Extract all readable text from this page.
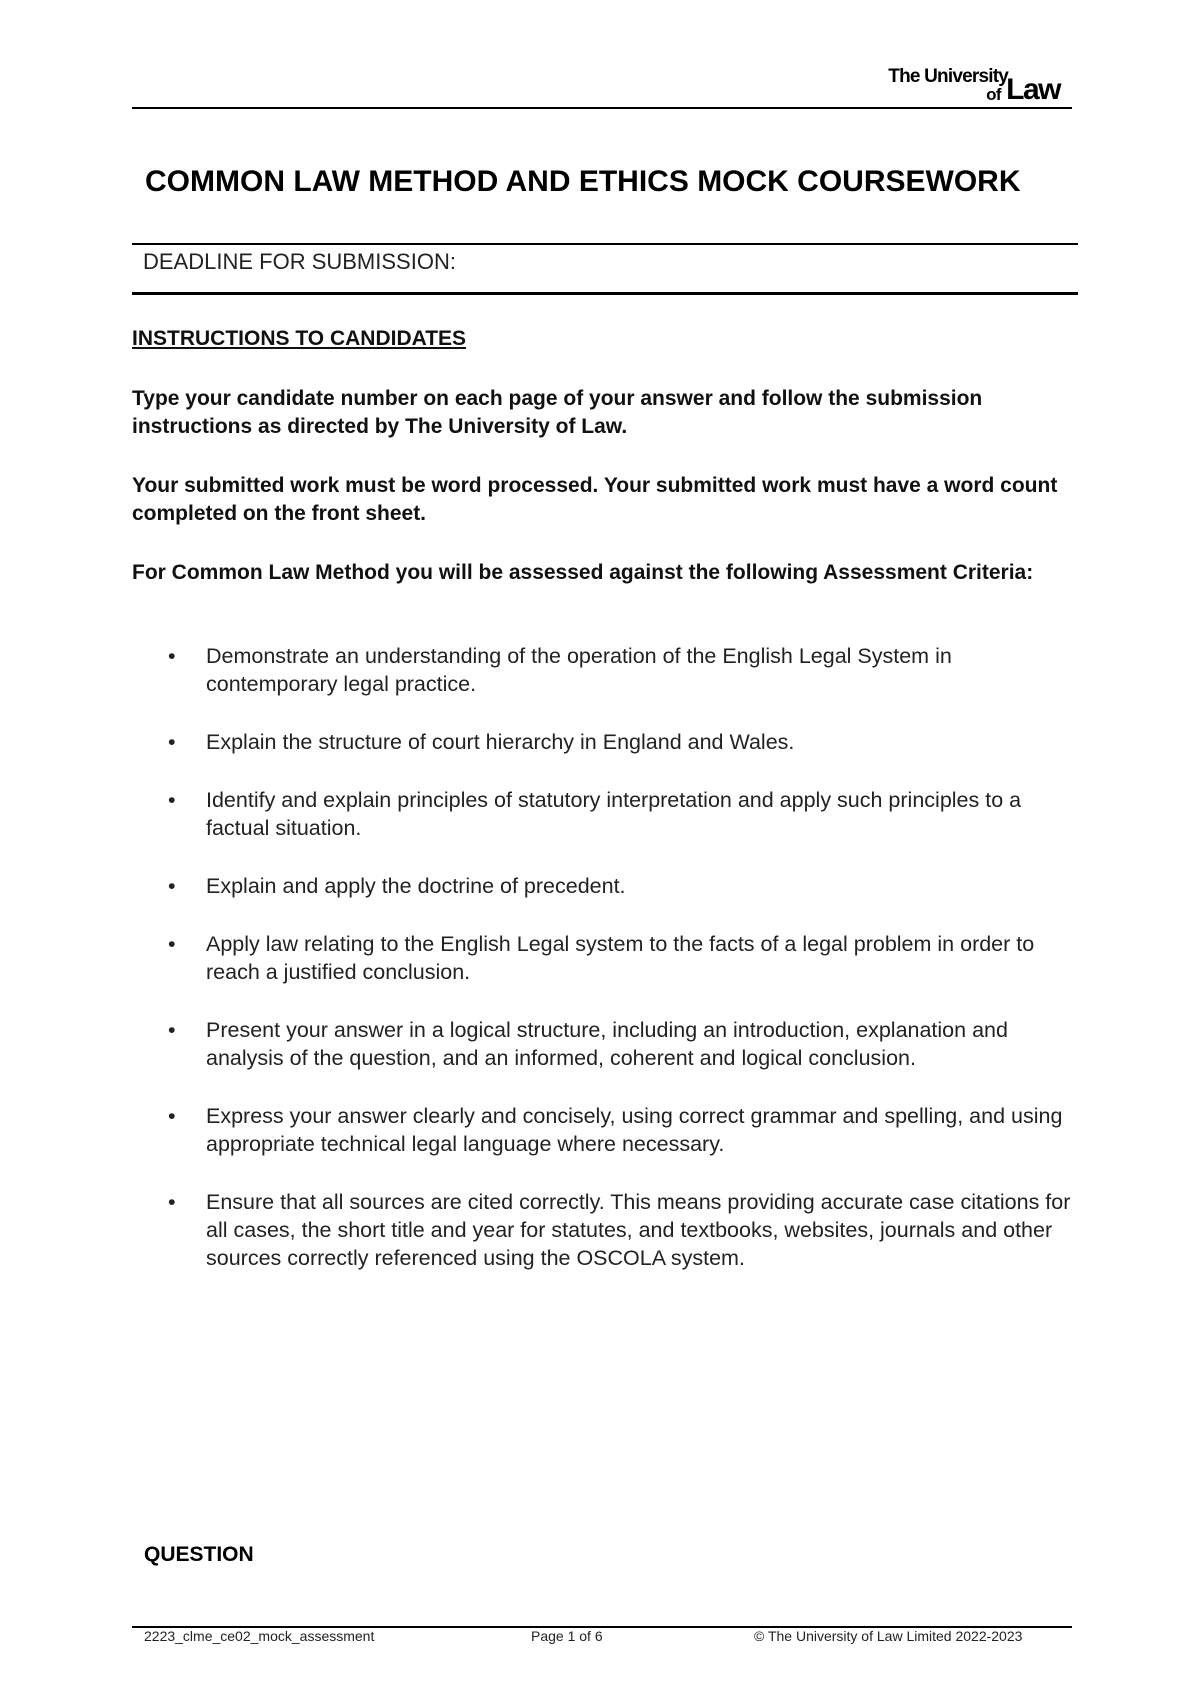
The University
of Law
COMMON LAW METHOD AND ETHICS MOCK COURSEWORK
DEADLINE FOR SUBMISSION:
INSTRUCTIONS TO CANDIDATES
Type your candidate number on each page of your answer and follow the submission instructions as directed by The University of Law.
Your submitted work must be word processed. Your submitted work must have a word count completed on the front sheet.
For Common Law Method you will be assessed against the following Assessment Criteria:
• Demonstrate an understanding of the operation of the English Legal System in contemporary legal practice.
• Explain the structure of court hierarchy in England and Wales.
• Identify and explain principles of statutory interpretation and apply such principles to a factual situation.
• Explain and apply the doctrine of precedent.
• Apply law relating to the English Legal system to the facts of a legal problem in order to reach a justified conclusion.
• Present your answer in a logical structure, including an introduction, explanation and analysis of the question, and an informed, coherent and logical conclusion.
• Express your answer clearly and concisely, using correct grammar and spelling, and using appropriate technical legal language where necessary.
• Ensure that all sources are cited correctly. This means providing accurate case citations for all cases, the short title and year for statutes, and textbooks, websites, journals and other sources correctly referenced using the OSCOLA system.
QUESTION
2223_clme_ce02_mock_assessment	Page 1 of 6	© The University of Law Limited 2022-2023
